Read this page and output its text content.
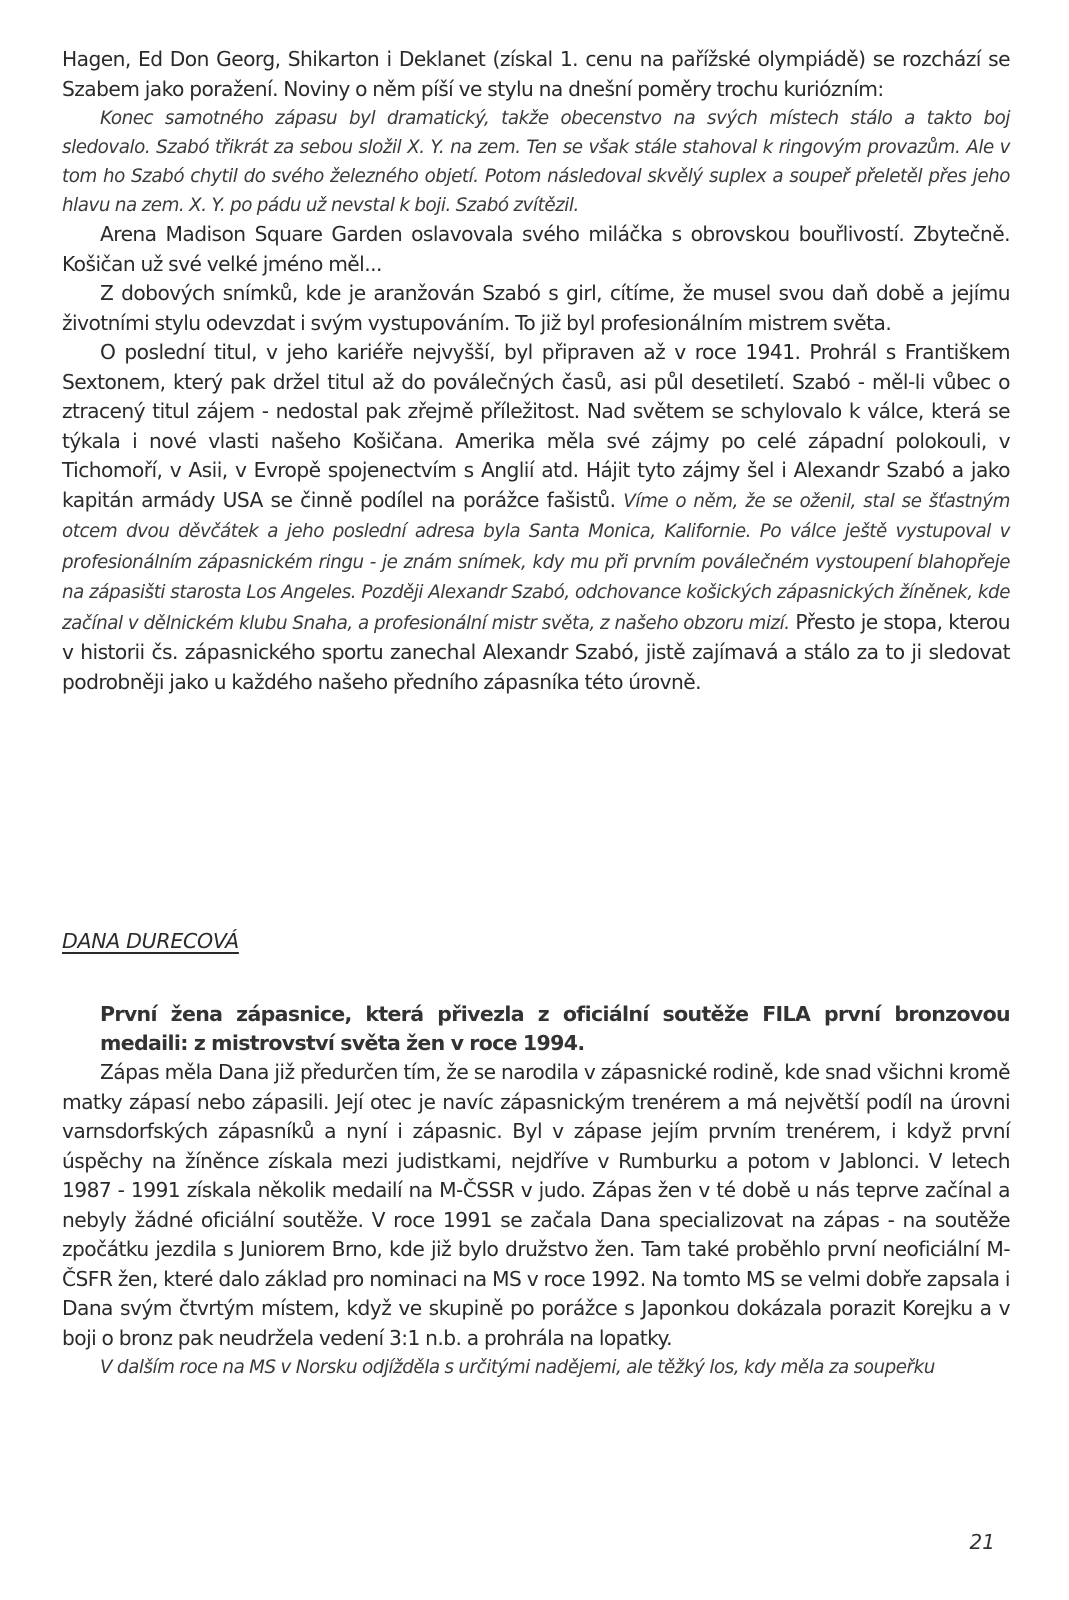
Hagen, Ed Don Georg, Shikarton i Deklanet (získal 1. cenu na pařížské olympiádě) se rozchází se Szabem jako poražení. Noviny o něm píší ve stylu na dnešní poměry trochu kuriózním:

Konec samotného zápasu byl dramatický, takže obecenstvo na svých místech stálo a takto boj sledovalo. Szabó třikrát za sebou složil X. Y. na zem. Ten se však stále stahoval k ringovým provazům. Ale v tom ho Szabó chytil do svého železného objetí. Potom následoval skvělý suplex a soupeř přeletěl přes jeho hlavu na zem. X. Y. po pádu už nevstal k boji. Szabó zvítězil.

Arena Madison Square Garden oslavovala svého miláčka s obrovskou bouřlivostí. Zbytečně. Košičan už své velké jméno měl...

Z dobových snímků, kde je aranžován Szabó s girl, cítíme, že musel svou daň době a jejímu životními stylu odevzdat i svým vystupováním. To již byl profesionálním mistrem světa.

O poslední titul, v jeho kariéře nejvyšší, byl připraven až v roce 1941. Prohrál s Františkem Sextonem, který pak držel titul až do poválečných časů, asi půl desetiletí. Szabó - měl-li vůbec o ztracený titul zájem - nedostal pak zřejmě příležitost. Nad světem se schylovalo k válce, která se týkala i nové vlasti našeho Košičana. Amerika měla své zájmy po celé západní polokouli, v Tichomoří, v Asii, v Evropě spojenectvím s Anglií atd. Hájit tyto zájmy šel i Alexandr Szabó a jako kapitán armády USA se činně podílel na porážce fašistů. Víme o něm, že se oženil, stal se šťastným otcem dvou děvčátek a jeho poslední adresa byla Santa Monica, Kalifornie. Po válce ještě vystupoval v profesionálním zápasnickém ringu - je znám snímek, kdy mu při prvním poválečném vystoupení blahopřeje na zápasišti starosta Los Angeles. Později Alexandr Szabó, odchovance košických zápasnických žíněnek, kde začínal v dělnickém klubu Snaha, a profesionální mistr světa, z našeho obzoru mizí. Přesto je stopa, kterou v historii čs. zápasnického sportu zanechal Alexandr Szabó, jistě zajímavá a stálo za to ji sledovat podrobněji jako u každého našeho předního zápasníka této úrovně.

DANA DURECOVÁ

První žena zápasnice, která přivezla z oficiální soutěže FILA první bronzovou medaili: z mistrovství světa žen v roce 1994.

Zápas měla Dana již předurčen tím, že se narodila v zápasnické rodině, kde snad všichni kromě matky zápasí nebo zápasili. Její otec je navíc zápasnickým trenérem a má největší podíl na úrovni varnsdorfských zápasníků a nyní i zápasnic. Byl v zápase jejím prvním trenérem, i když první úspěchy na žíněnce získala mezi judistkami, nejdříve v Rumburku a potom v Jablonci. V letech 1987 - 1991 získala několik medailí na M-ČSSR v judo. Zápas žen v té době u nás teprve začínal a nebyly žádné oficiální soutěže. V roce 1991 se začala Dana specializovat na zápas - na soutěže zpočátku jezdila s Juniorem Brno, kde již bylo družstvo žen. Tam také proběhlo první neoficiální M-ČSFR žen, které dalo základ pro nominaci na MS v roce 1992. Na tomto MS se velmi dobře zapsala i Dana svým čtvrtým místem, když ve skupině po porážce s Japonkou dokázala porazit Korejku a v boji o bronz pak neudržela vedení 3:1 n.b. a prohrála na lopatky.

V dalším roce na MS v Norsku odjížděla s určitými nadějemi, ale těžký los, kdy měla za soupeřku

21
